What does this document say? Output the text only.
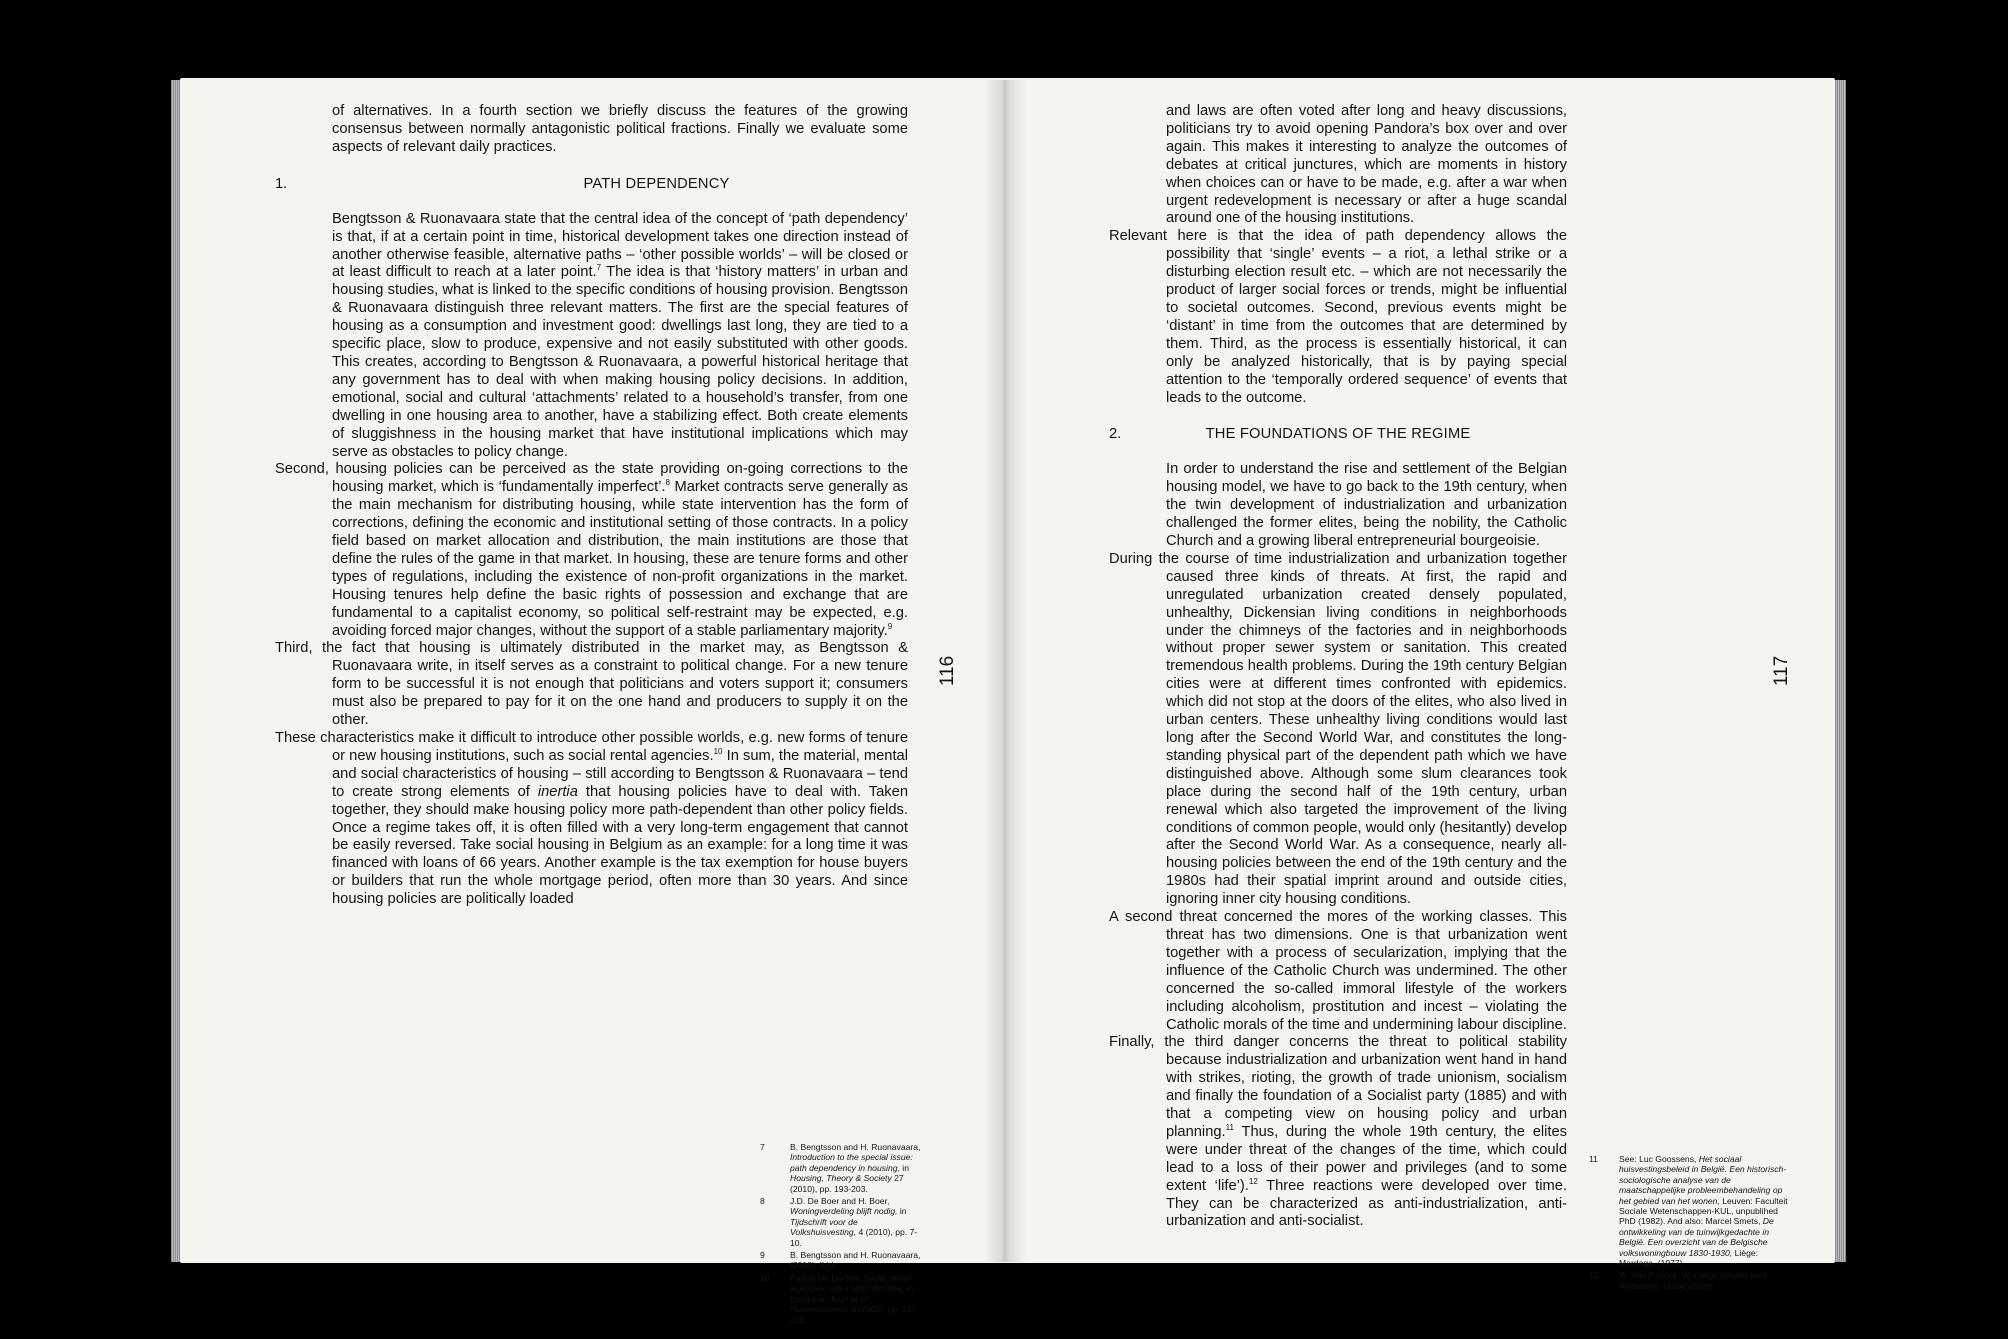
of alternatives. In a fourth section we briefly discuss the features of the growing consensus between normally antagonistic political fractions. Finally we evaluate some aspects of relevant daily practices.

1.	PATH DEPENDENCY

Bengtsson & Ruonavaara state that the central idea of the concept of ‘path dependency’ is that, if at a certain point in time, historical development takes one direction instead of another otherwise feasible, alternative paths – ‘other possible worlds’ – will be closed or at least difficult to reach at a later point.$^7$ The idea is that ‘history matters’ in urban and housing studies, what is linked to the specific conditions of housing provision. Bengtsson & Ruonavaara distinguish three relevant matters. The first are the special features of housing as a consumption and investment good: dwellings last long, they are tied to a specific place, slow to produce, expensive and not easily substituted with other goods. This creates, according to Bengtsson & Ruonavaara, a powerful historical heritage that any government has to deal with when making housing policy decisions. In addition, emotional, social and cultural ‘attachments’ related to a household’s transfer, from one dwelling in one housing area to another, have a stabilizing effect. Both create elements of sluggishness in the housing market that have institutional implications which may serve as obstacles to policy change.

Second, housing policies can be perceived as the state providing on-going corrections to the housing market, which is ‘fundamentally imperfect’.$^8$ Market contracts serve generally as the main mechanism for distributing housing, while state intervention has the form of corrections, defining the economic and institutional setting of those contracts. In a policy field based on market allocation and distribution, the main institutions are those that define the rules of the game in that market. In housing, these are tenure forms and other types of regulations, including the existence of non-profit organizations in the market. Housing tenures help define the basic rights of possession and exchange that are fundamental to a capitalist economy, so political self-restraint may be expected, e.g. avoiding forced major changes, without the support of a stable parliamentary majority.$^9$

Third, the fact that housing is ultimately distributed in the market may, as Bengtsson & Ruonavaara write, in itself serves as a constraint to political change. For a new tenure form to be successful it is not enough that politicians and voters support it; consumers must also be prepared to pay for it on the one hand and producers to supply it on the other.

These characteristics make it difficult to introduce other possible worlds, e.g. new forms of tenure or new housing institutions, such as social rental agencies.$^{10}$ In sum, the material, mental and social characteristics of housing – still according to Bengtsson & Ruonavaara – tend to create strong elements of inertia that housing policies have to deal with. Taken together, they should make housing policy more path-dependent than other policy fields. Once a regime takes off, it is often filled with a very long-term engagement that cannot be easily reversed. Take social housing in Belgium as an example: for a long time it was financed with loans of 66 years. Another example is the tax exemption for house buyers or builders that run the whole mortgage period, often more than 30 years. And since housing policies are politically loaded

116
7	B. Bengtsson and H. Ruonavaara, Introduction to the special issue: path dependency in housing, in Housing, Theory & Society 27 (2010), pp. 193-203.
8	J.D. De Boer and H. Boer, Woningverdeling blijft nodig, in Tijdschrift voor de Volkshuisvesting, 4 (2010), pp. 7-10.
9	B. Bengtsson and H. Ruonavaara, (2010), Ibid.
10 Pascal De Decker, Social rental agencies: still a splendid idea, in European Journal of Homelessness, 3 (2009), pp. 217-232.

and laws are often voted after long and heavy discussions, politicians try to avoid opening Pandora’s box over and over again. This makes it interesting to analyze the outcomes of debates at critical junctures, which are moments in history when choices can or have to be made, e.g. after a war when urgent redevelopment is necessary or after a huge scandal around one of the housing institutions.

Relevant here is that the idea of path dependency allows the possibility that ‘single’ events – a riot, a lethal strike or a disturbing election result etc. – which are not necessarily the product of larger social forces or trends, might be influential to societal outcomes. Second, previous events might be ‘distant’ in time from the outcomes that are determined by them. Third, as the process is essentially historical, it can only be analyzed historically, that is by paying special attention to the ‘temporally ordered sequence’ of events that leads to the outcome.

2.	THE FOUNDATIONS OF THE REGIME

In order to understand the rise and settlement of the Belgian housing model, we have to go back to the 19th century, when the twin development of industrialization and urbanization challenged the former elites, being the nobility, the Catholic Church and a growing liberal entrepreneurial bourgeoisie.

During the course of time industrialization and urbanization together caused three kinds of threats. At first, the rapid and unregulated urbanization created densely populated, unhealthy, Dickensian living conditions in neighborhoods under the chimneys of the factories and in neighborhoods without proper sewer system or sanitation. This created tremendous health problems. During the 19th century Belgian cities were at different times confronted with epidemics. which did not stop at the doors of the elites, who also lived in urban centers. These unhealthy living conditions would last long after the Second World War, and constitutes the long-standing physical part of the dependent path which we have distinguished above. Although some slum clearances took place during the second half of the 19th century, urban renewal which also targeted the improvement of the living conditions of common people, would only (hesitantly) develop after the Second World War. As a consequence, nearly all-housing policies between the end of the 19th century and the 1980s had their spatial imprint around and outside cities, ignoring inner city housing conditions.

A second threat concerned the mores of the working classes. This threat has two dimensions. One is that urbanization went together with a process of secularization, implying that the influence of the Catholic Church was undermined. The other concerned the so-called immoral lifestyle of the workers including alcoholism, prostitution and incest – violating the Catholic morals of the time and undermining labour discipline.

Finally, the third danger concerns the threat to political stability because industrialization and urbanization went hand in hand with strikes, rioting, the growth of trade unionism, socialism and finally the foundation of a Socialist party (1885) and with that a competing view on housing policy and urban planning.$^{11}$ Thus, during the whole 19th century, the elites were under threat of the changes of the time, which could lead to a loss of their power and privileges (and to some extent ‘life’).$^{12}$ Three reactions were developed over time. They can be characterized as anti-industrialization, anti-urbanization and anti-socialist.

117
11 See: Luc Goossens, Het sociaal huisvestingsbeleid in België. Een historisch-sociologische analyse van de maatschappelijke probleembehandeling op het gebied van het wonen, Leuven: Faculteit Sociale Wetenschappen-KUL, unpublihed PhD (1982). And also: Marcel Smets, De ontwikkeling van de tuinwijkgedachte in België. Een overzicht van de Belgische volkswoningbouw 1830-1930, Liège: Mardaga, (1977).
12 W. Van Poucke, W, Langs bergen werk, Roeselare: Globe (2008).
